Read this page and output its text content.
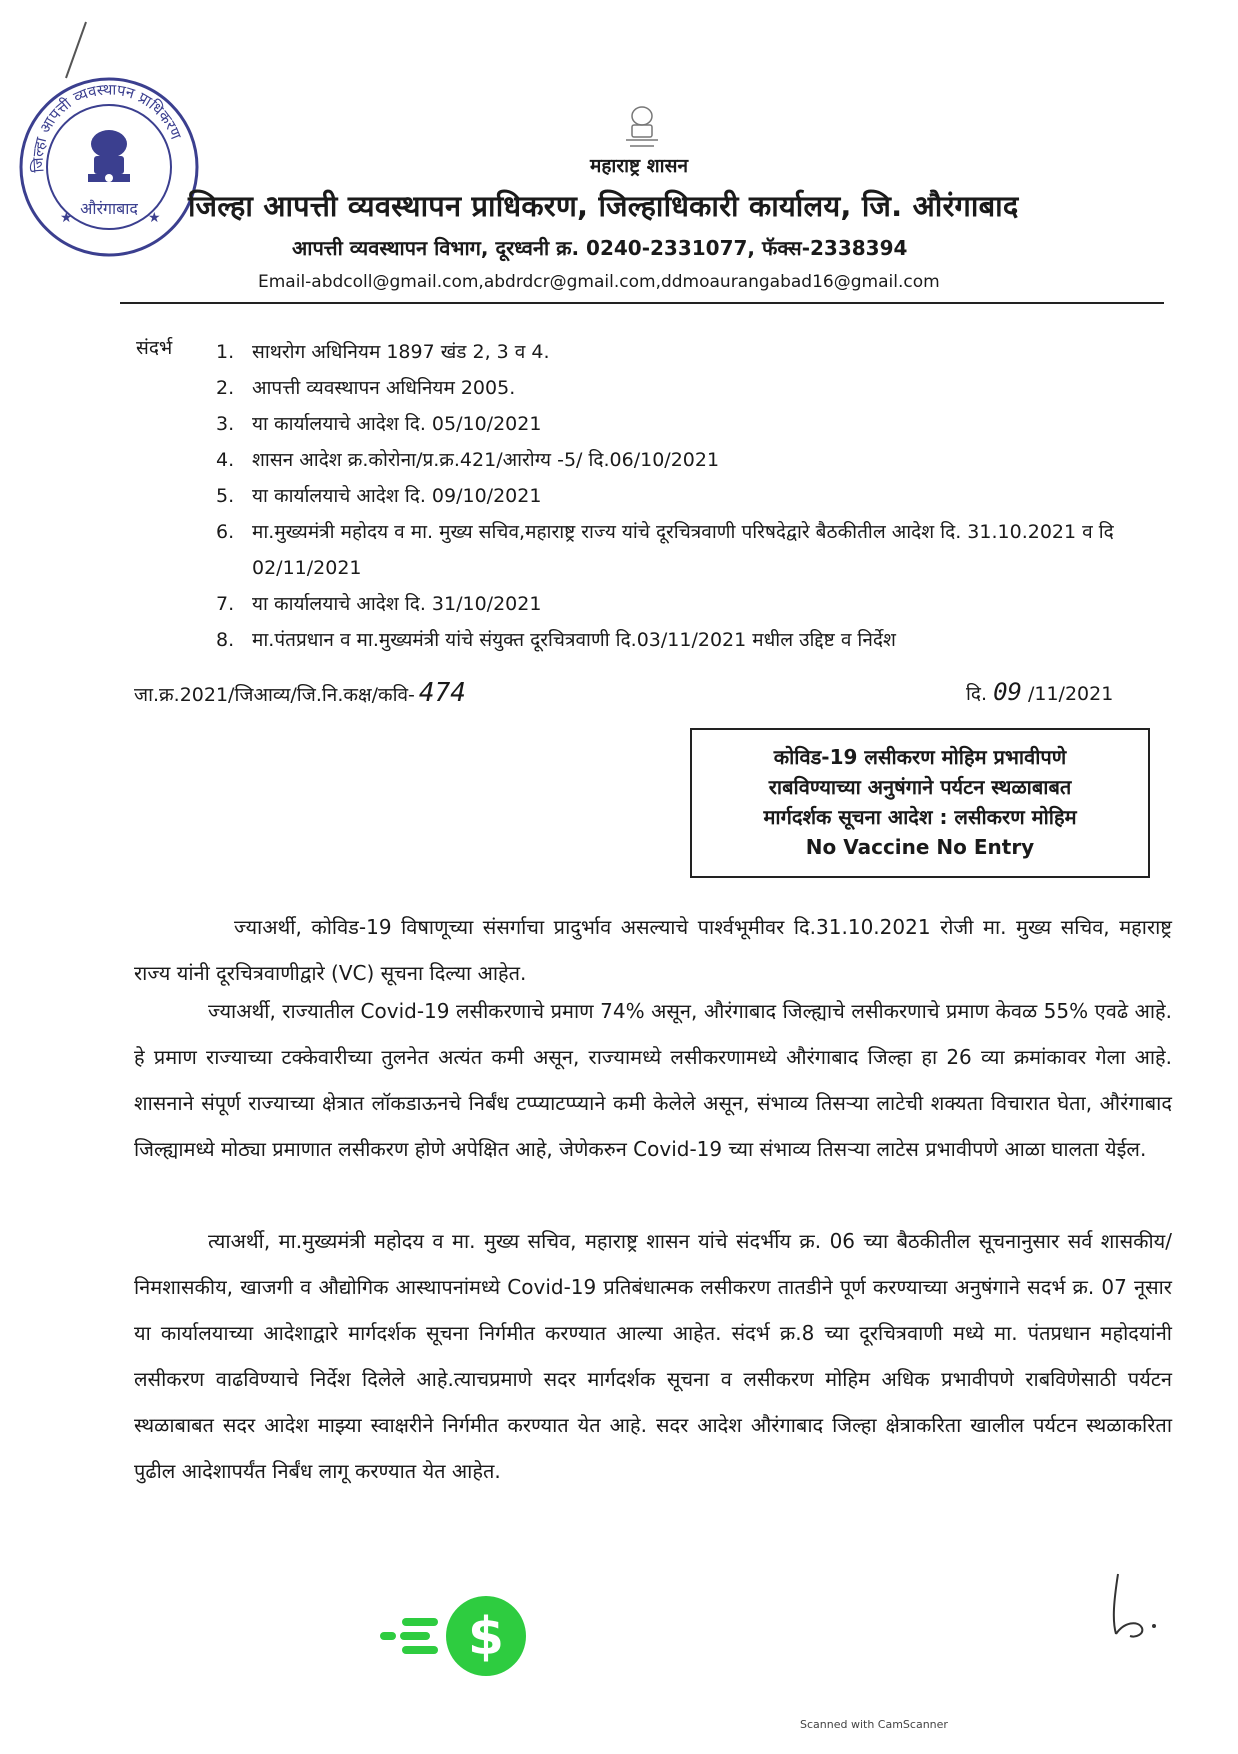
जिल्हा आपत्ती व्यवस्थापन प्राधिकरण
औरंगाबाद
★	★
महाराष्ट्र शासन
जिल्हा आपत्ती व्यवस्थापन प्राधिकरण, जिल्हाधिकारी कार्यालय, जि. औरंगाबाद
आपत्ती व्यवस्थापन विभाग, दूरध्वनी क्र. 0240-2331077, फॅक्स-2338394
Email-abdcoll@gmail.com,abdrdcr@gmail.com,ddmoaurangabad16@gmail.com
संदर्भ 1. साथरोग अधिनियम 1897 खंड 2, 3 व 4.
2. आपत्ती व्यवस्थापन अधिनियम 2005.
3. या कार्यालयाचे आदेश दि. 05/10/2021
4. शासन आदेश क्र.कोरोना/प्र.क्र.421/आरोग्य -5/ दि.06/10/2021
5. या कार्यालयाचे आदेश दि. 09/10/2021
6. मा.मुख्यमंत्री महोदय व मा. मुख्य सचिव,महाराष्ट्र राज्य यांचे दूरचित्रवाणी परिषदेद्वारे बैठकीतील आदेश दि. 31.10.2021 व दि 02/11/2021
7. या कार्यालयाचे आदेश दि. 31/10/2021
8. मा.पंतप्रधान व मा.मुख्यमंत्री यांचे संयुक्त दूरचित्रवाणी दि.03/11/2021 मधील उद्दिष्ट व निर्देश
जा.क्र.2021/जिआव्य/जि.नि.कक्ष/कवि- 474	दि. 09 /11/2021
कोविड-19 लसीकरण मोहिम प्रभावीपणे
राबविण्याच्या अनुषंगाने पर्यटन स्थळाबाबत
मार्गदर्शक सूचना आदेश : लसीकरण मोहिम
No Vaccine No Entry

ज्याअर्थी, कोविड-19 विषाणूच्या संसर्गाचा प्रादुर्भाव असल्याचे पार्श्वभूमीवर दि.31.10.2021 रोजी मा. मुख्य सचिव, महाराष्ट्र राज्य यांनी दूरचित्रवाणीद्वारे (VC) सूचना दिल्या आहेत.

ज्याअर्थी, राज्यातील Covid-19 लसीकरणाचे प्रमाण 74% असून, औरंगाबाद जिल्ह्याचे लसीकरणाचे प्रमाण केवळ 55% एवढे आहे. हे प्रमाण राज्याच्या टक्केवारीच्या तुलनेत अत्यंत कमी असून, राज्यामध्ये लसीकरणामध्ये औरंगाबाद जिल्हा हा 26 व्या क्रमांकावर गेला आहे. शासनाने संपूर्ण राज्याच्या क्षेत्रात लॉकडाऊनचे निर्बंध टप्प्याटप्प्याने कमी केलेले असून, संभाव्य तिसऱ्या लाटेची शक्यता विचारात घेता, औरंगाबाद जिल्ह्यामध्ये मोठ्या प्रमाणात लसीकरण होणे अपेक्षित आहे, जेणेकरुन Covid-19 च्या संभाव्य तिसऱ्या लाटेस प्रभावीपणे आळा घालता येईल.

त्याअर्थी, मा.मुख्यमंत्री महोदय व मा. मुख्य सचिव, महाराष्ट्र शासन यांचे संदर्भीय क्र. 06 च्या बैठकीतील सूचनानुसार सर्व शासकीय/ निमशासकीय, खाजगी व औद्योगिक आस्थापनांमध्ये Covid-19 प्रतिबंधात्मक लसीकरण तातडीने पूर्ण करण्याच्या अनुषंगाने सदर्भ क्र. 07 नूसार या कार्यालयाच्या आदेशाद्वारे मार्गदर्शक सूचना निर्गमीत करण्यात आल्या आहेत. संदर्भ क्र.8 च्या दूरचित्रवाणी मध्ये मा. पंतप्रधान महोदयांनी लसीकरण वाढविण्याचे निर्देश दिलेले आहे.त्याचप्रमाणे सदर मार्गदर्शक सूचना व लसीकरण मोहिम अधिक प्रभावीपणे राबविणेसाठी पर्यटन स्थळाबाबत सदर आदेश माझ्या स्वाक्षरीने निर्गमीत करण्यात येत आहे. सदर आदेश औरंगाबाद जिल्हा क्षेत्राकरिता खालील पर्यटन स्थळाकरिता पुढील आदेशापर्यंत निर्बंध लागू करण्यात येत आहेत.

$
Scanned with CamScanner
